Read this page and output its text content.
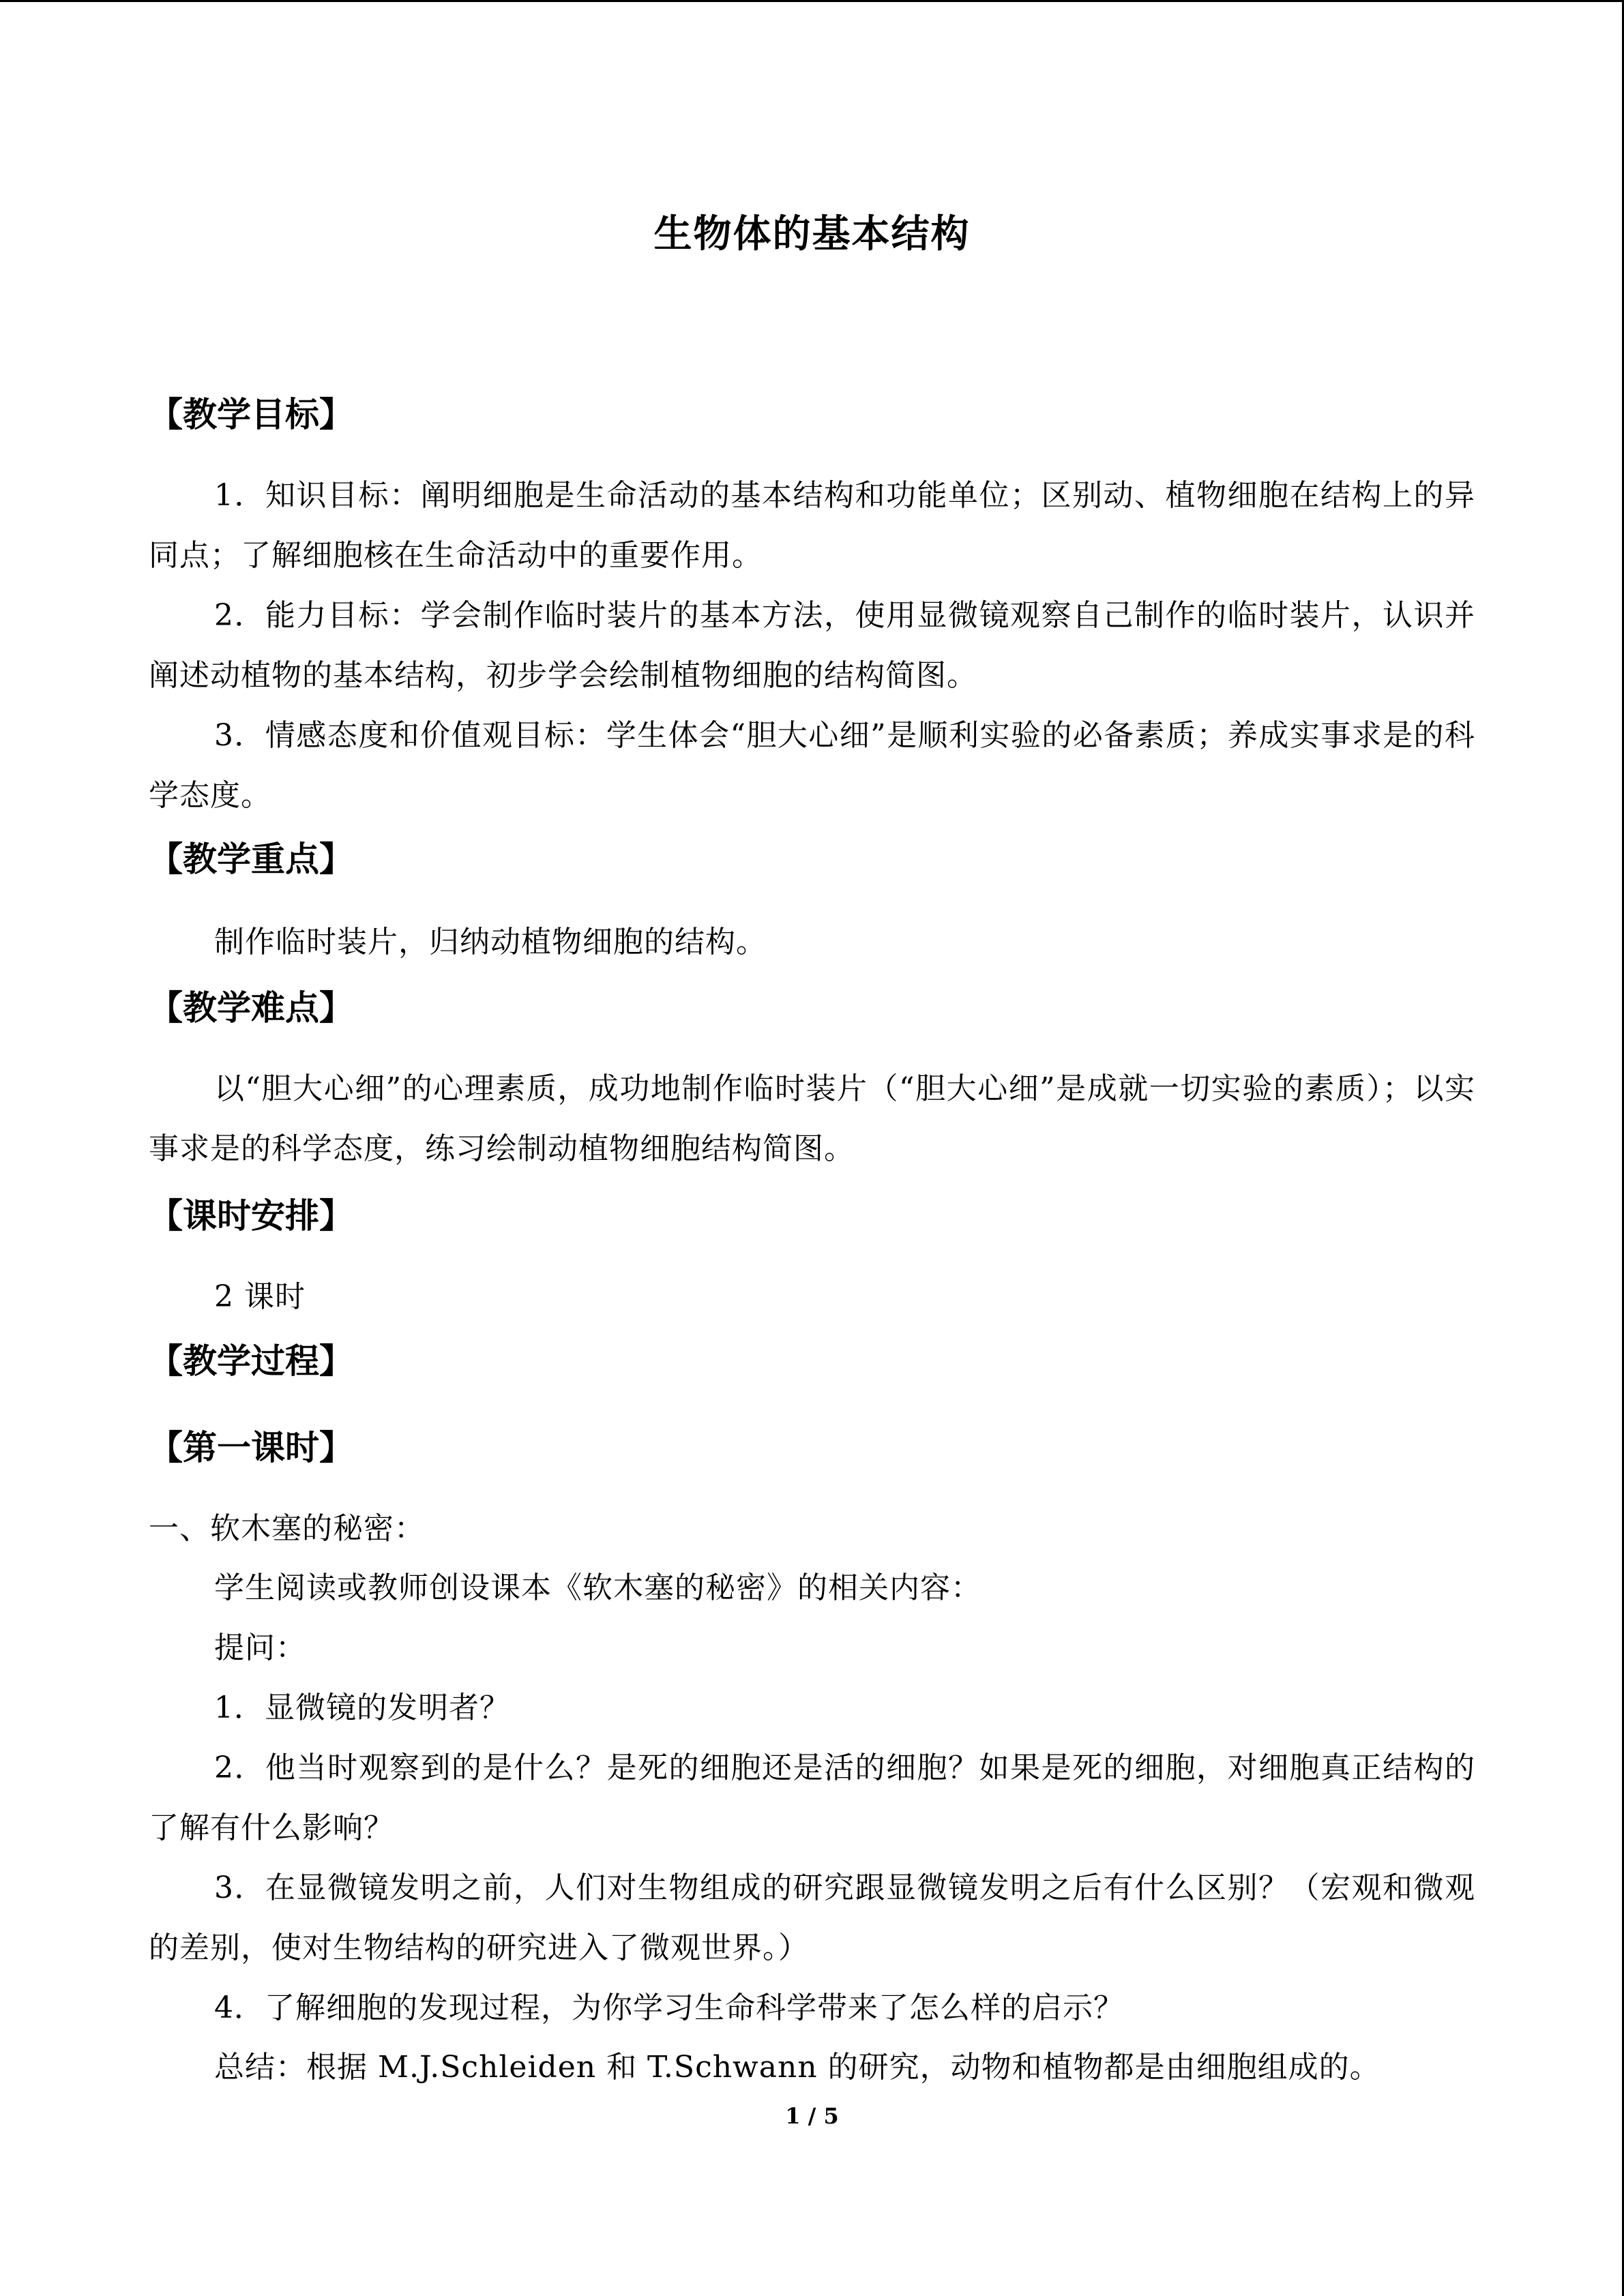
生物体的基本结构
【教学目标】
1．知识目标：阐明细胞是生命活动的基本结构和功能单位；区别动、植物细胞在结构上的异同点；了解细胞核在生命活动中的重要作用。
2．能力目标：学会制作临时装片的基本方法，使用显微镜观察自己制作的临时装片，认识并阐述动植物的基本结构，初步学会绘制植物细胞的结构简图。
3．情感态度和价值观目标：学生体会“胆大心细”是顺利实验的必备素质；养成实事求是的科学态度。
【教学重点】
制作临时装片，归纳动植物细胞的结构。
【教学难点】
以“胆大心细”的心理素质，成功地制作临时装片（“胆大心细”是成就一切实验的素质）；以实事求是的科学态度，练习绘制动植物细胞结构简图。
【课时安排】
2 课时
【教学过程】
【第一课时】
一、软木塞的秘密：
学生阅读或教师创设课本《软木塞的秘密》的相关内容：
提问：
1．显微镜的发明者？
2．他当时观察到的是什么？是死的细胞还是活的细胞？如果是死的细胞，对细胞真正结构的了解有什么影响？
3．在显微镜发明之前，人们对生物组成的研究跟显微镜发明之后有什么区别？（宏观和微观的差别，使对生物结构的研究进入了微观世界。）
4．了解细胞的发现过程，为你学习生命科学带来了怎么样的启示？
总结：根据 M.J.Schleiden 和 T.Schwann 的研究，动物和植物都是由细胞组成的。
1 / 5
